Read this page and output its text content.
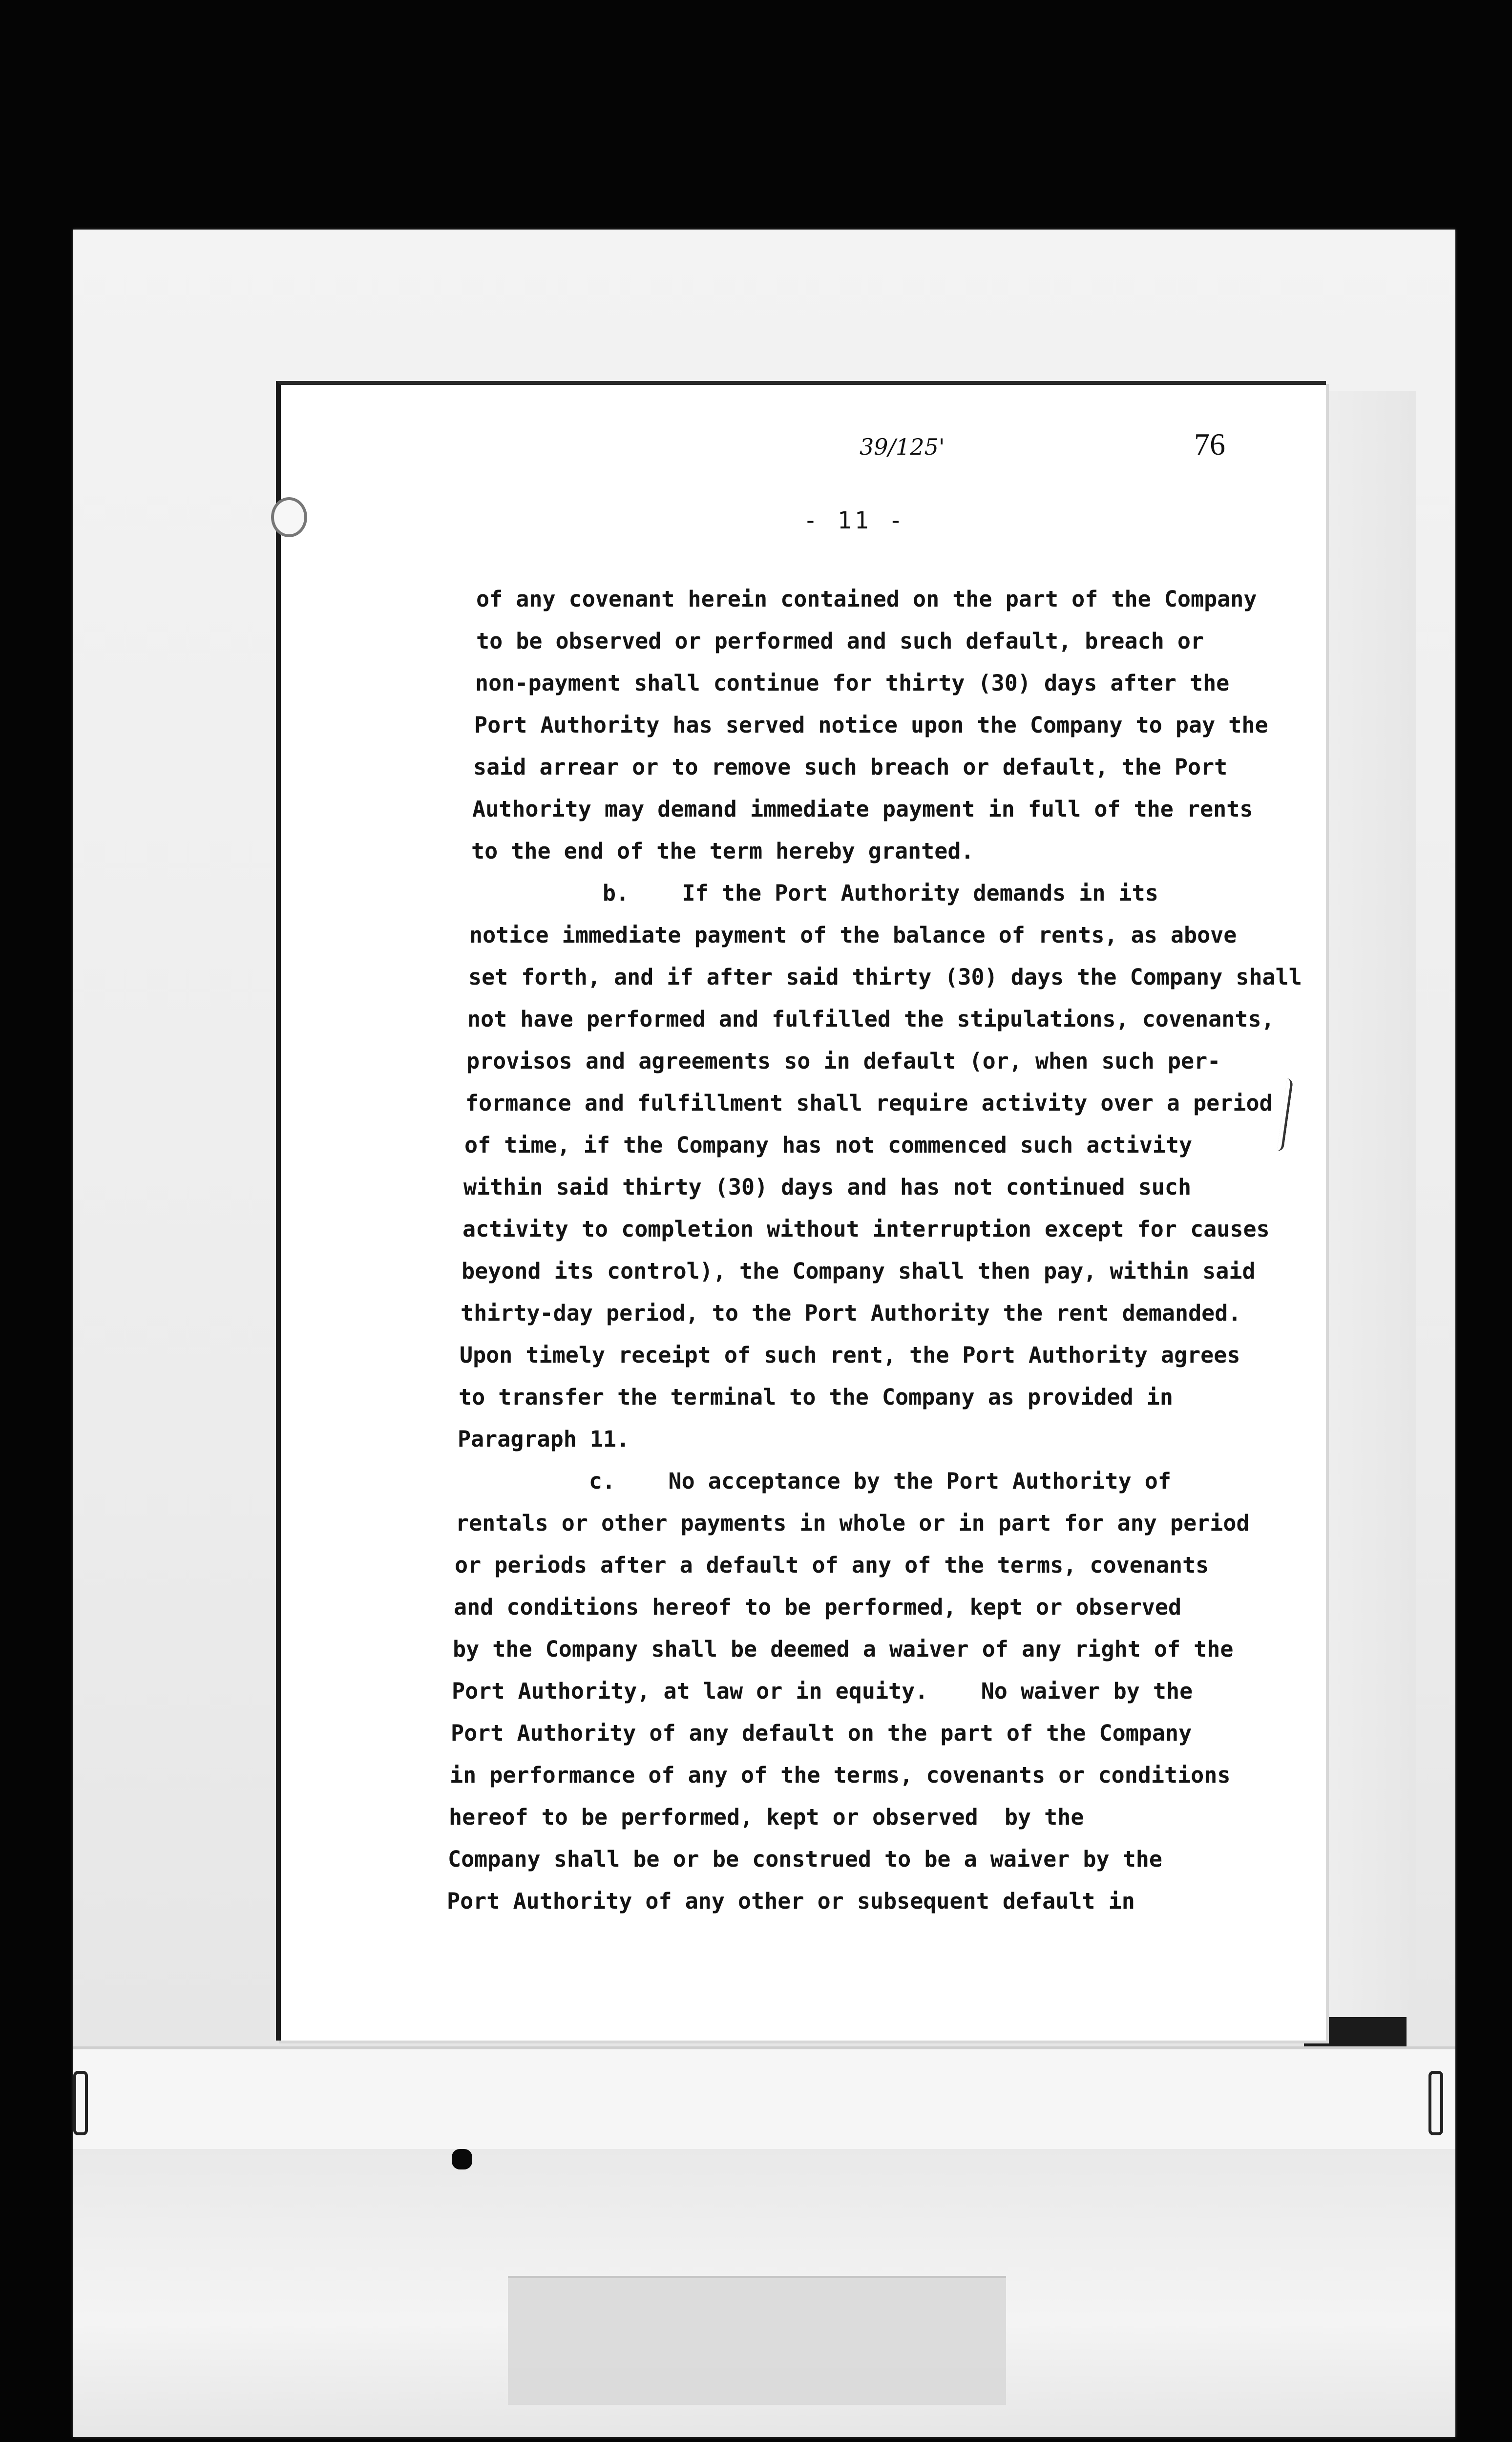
39/125'	76
- 11 -
of any covenant herein contained on the part of the Company
to be observed or performed and such default, breach or
non-payment shall continue for thirty (30) days after the
Port Authority has served notice upon the Company to pay the
said arrear or to remove such breach or default, the Port
Authority may demand immediate payment in full of the rents
to the end of the term hereby granted.
b.    If the Port Authority demands in its
notice immediate payment of the balance of rents, as above
set forth, and if after said thirty (30) days the Company shall
not have performed and fulfilled the stipulations, covenants,
provisos and agreements so in default (or, when such per-
formance and fulfillment shall require activity over a period
of time, if the Company has not commenced such activity
within said thirty (30) days and has not continued such
activity to completion without interruption except for causes
beyond its control), the Company shall then pay, within said
thirty-day period, to the Port Authority the rent demanded.
Upon timely receipt of such rent, the Port Authority agrees
to transfer the terminal to the Company as provided in
Paragraph 11.
c.    No acceptance by the Port Authority of
rentals or other payments in whole or in part for any period
or periods after a default of any of the terms, covenants
and conditions hereof to be performed, kept or observed
by the Company shall be deemed a waiver of any right of the
Port Authority, at law or in equity.    No waiver by the
Port Authority of any default on the part of the Company
in performance of any of the terms, covenants or conditions
hereof to be performed, kept or observed  by the
Company shall be or be construed to be a waiver by the
Port Authority of any other or subsequent default in
